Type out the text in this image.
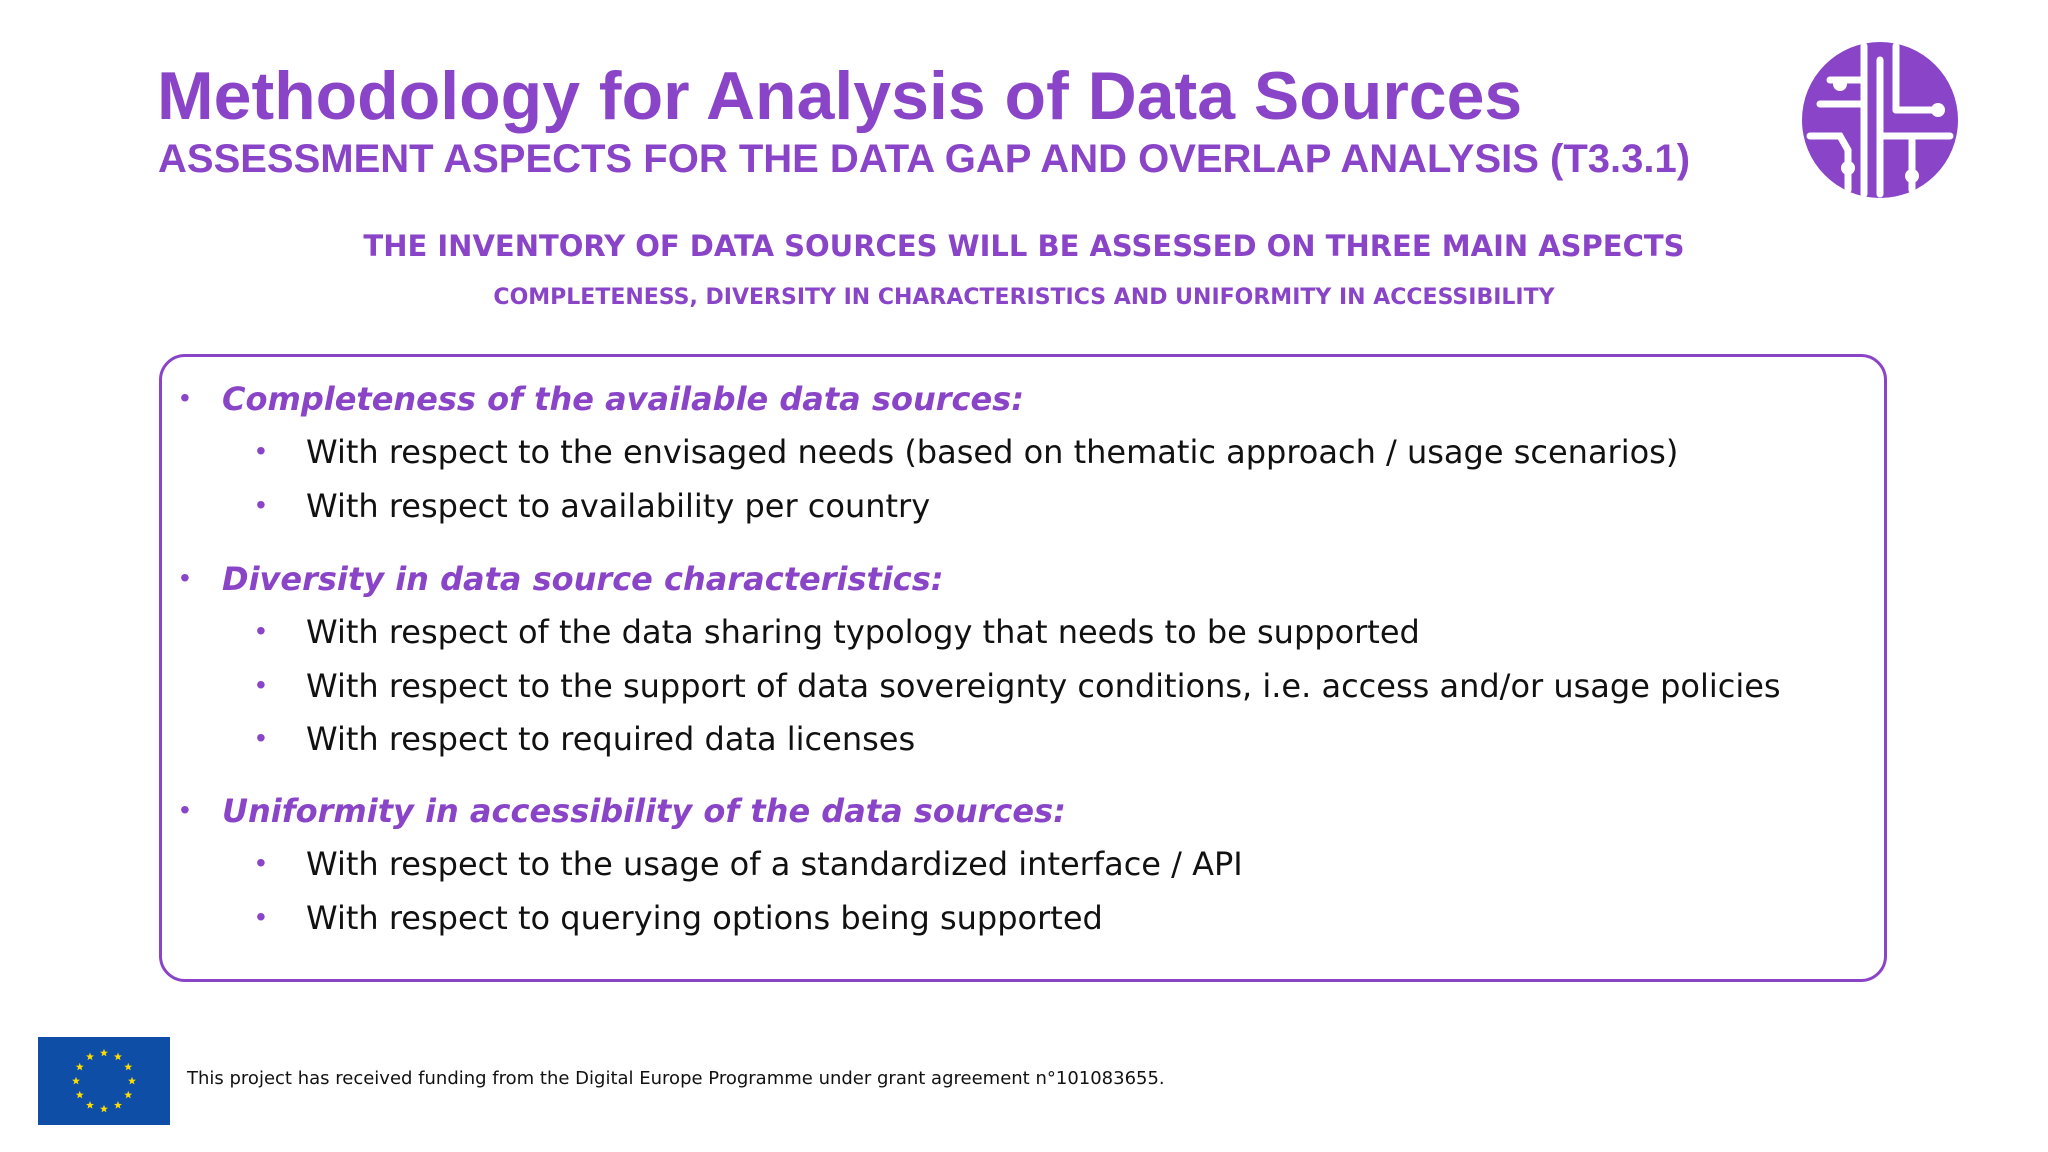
Methodology for Analysis of Data Sources
ASSESSMENT ASPECTS FOR THE DATA GAP AND OVERLAP ANALYSIS (T3.3.1)
THE INVENTORY OF DATA SOURCES WILL BE ASSESSED ON THREE MAIN ASPECTS
COMPLETENESS, DIVERSITY IN CHARACTERISTICS AND UNIFORMITY IN ACCESSIBILITY
• Completeness of the available data sources:
• With respect to the envisaged needs (based on thematic approach / usage scenarios)
• With respect to availability per country
• Diversity in data source characteristics:
• With respect of the data sharing typology that needs to be supported
• With respect to the support of data sovereignty conditions, i.e. access and/or usage policies
• With respect to required data licenses
• Uniformity in accessibility of the data sources:
• With respect to the usage of a standardized interface / API
• With respect to querying options being supported
This project has received funding from the Digital Europe Programme under grant agreement n°101083655.
